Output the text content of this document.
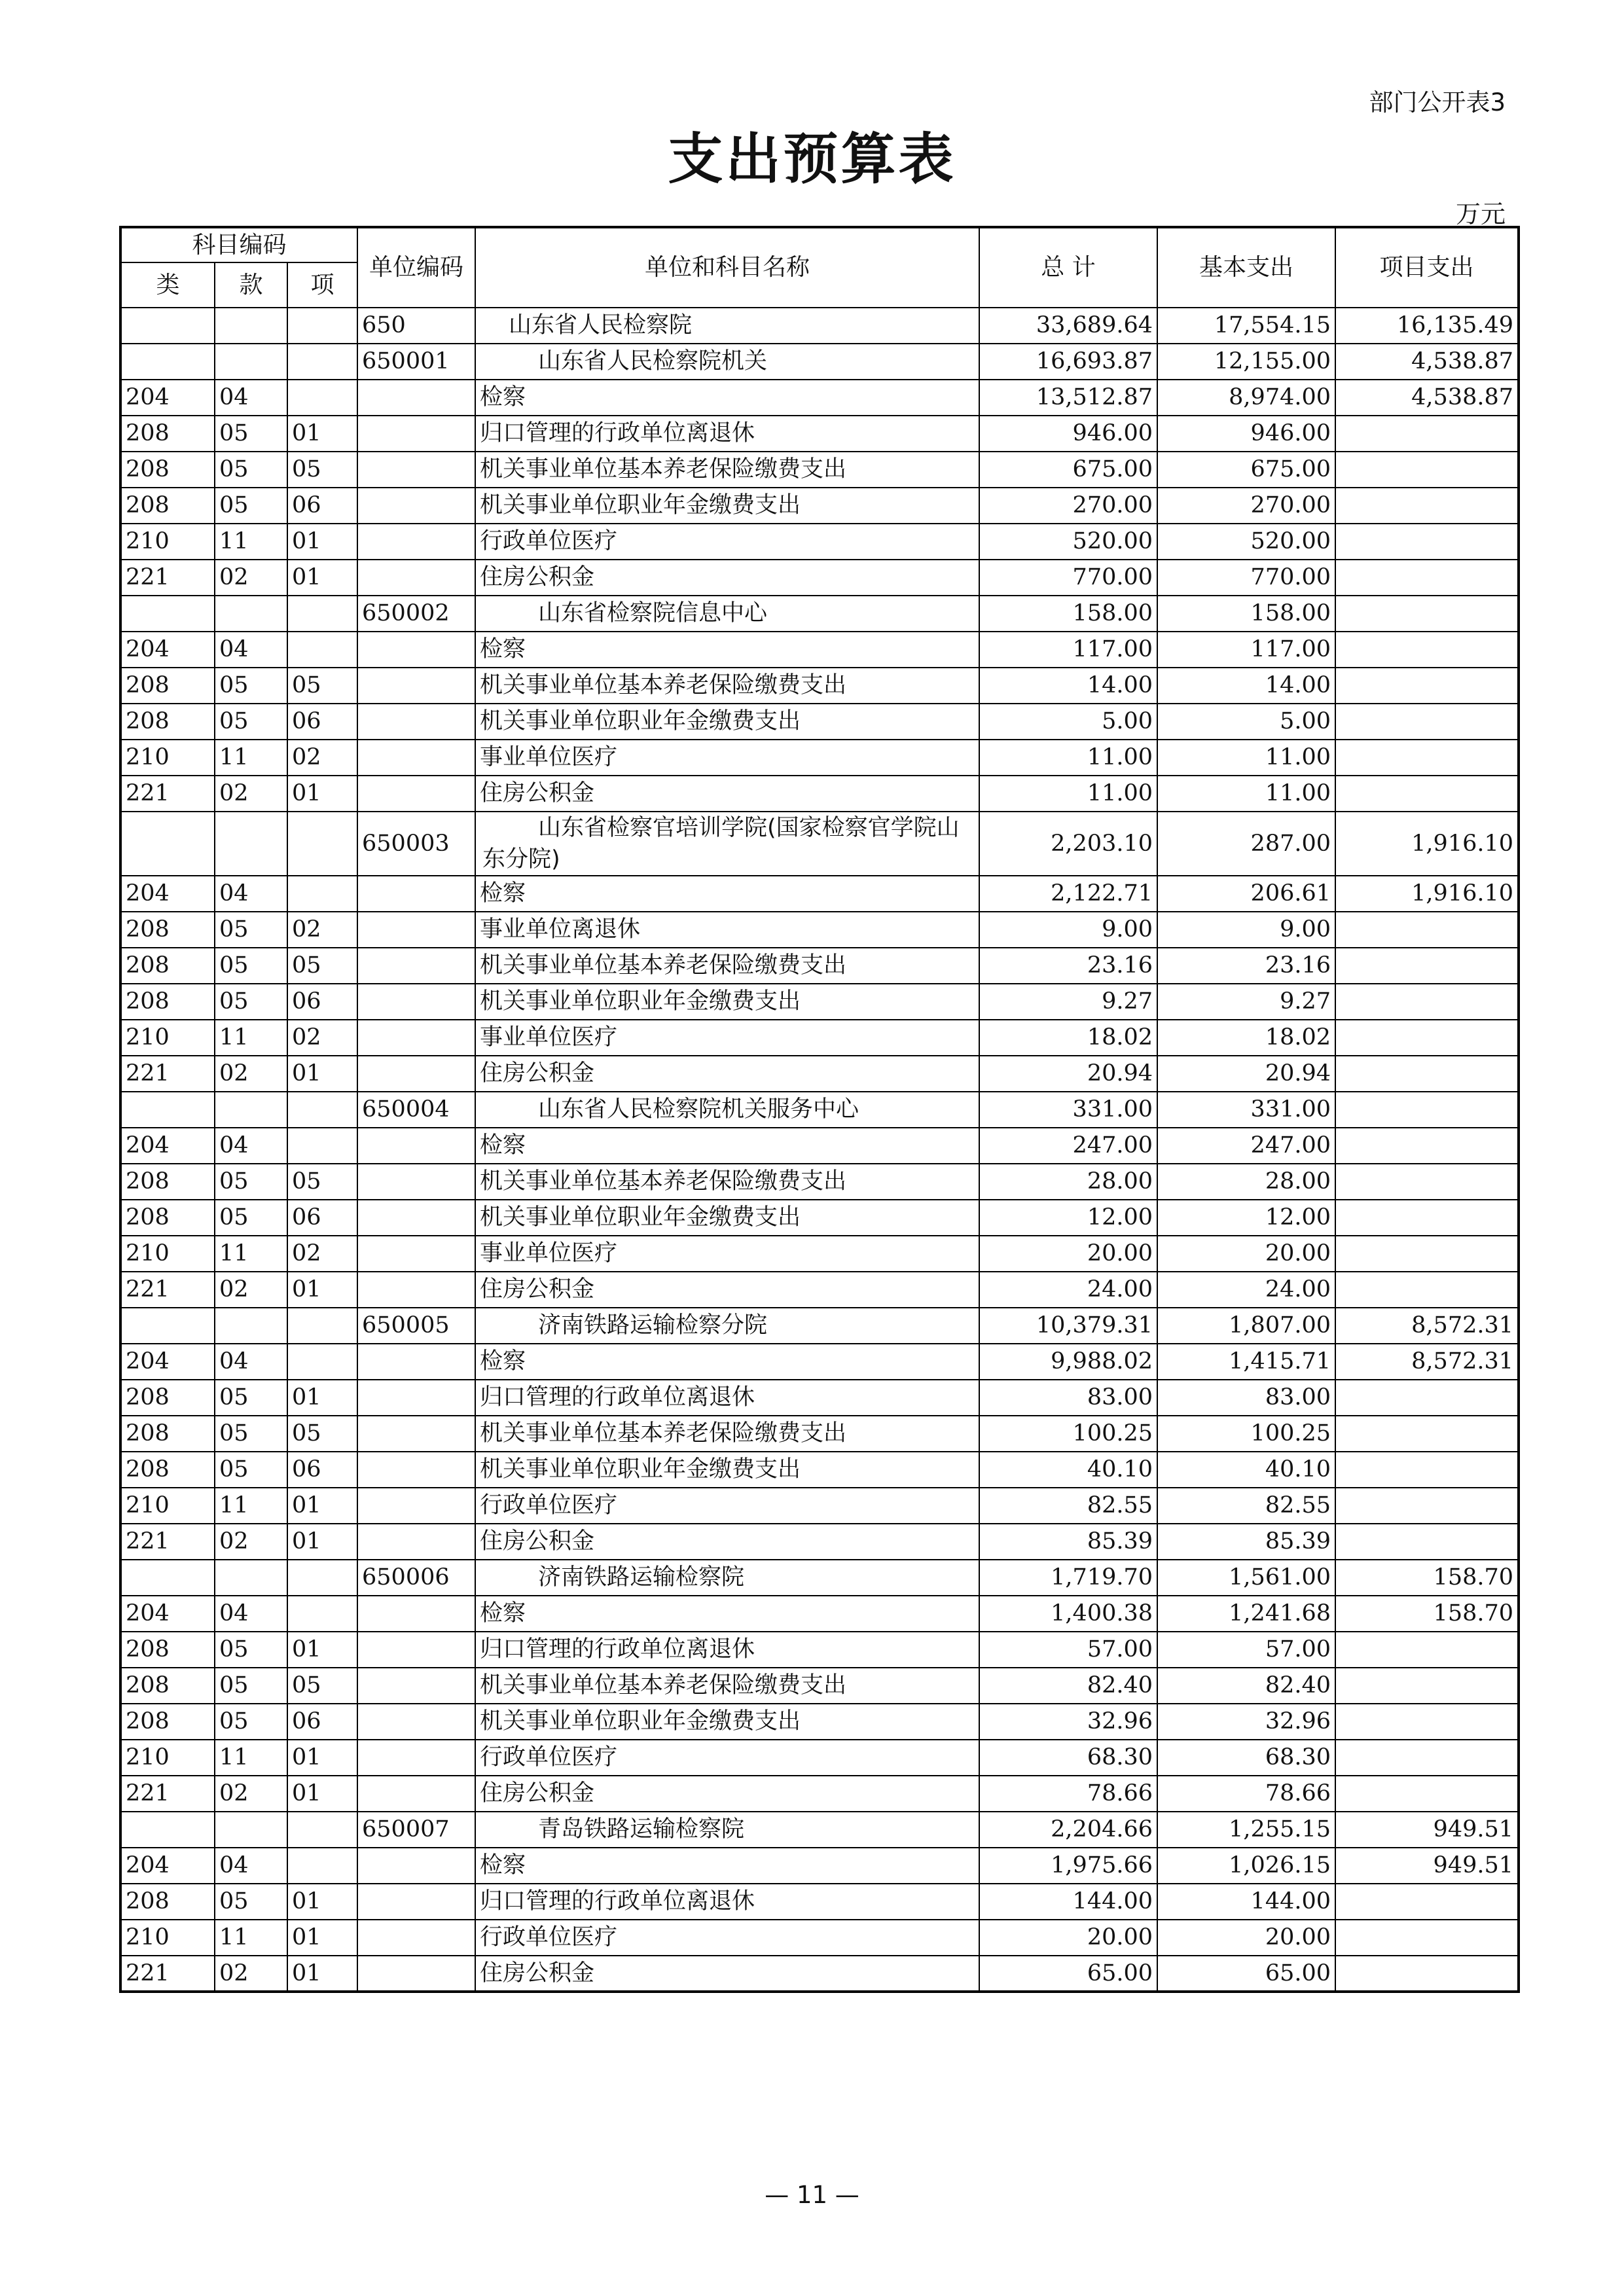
部门公开表3
支出预算表
万元
科目编码			单位编码	单位和科目名称	总 计	基本支出	项目支出
类	款	项					
			650	山东省人民检察院	33,689.64	17,554.15	16,135.49
			650001	山东省人民检察院机关	16,693.87	12,155.00	4,538.87
204	04			检察	13,512.87	8,974.00	4,538.87
208	05	01		归口管理的行政单位离退休	946.00	946.00	
208	05	05		机关事业单位基本养老保险缴费支出	675.00	675.00	
208	05	06		机关事业单位职业年金缴费支出	270.00	270.00	
210	11	01		行政单位医疗	520.00	520.00	
221	02	01		住房公积金	770.00	770.00	
			650002	山东省检察院信息中心	158.00	158.00	
204	04			检察	117.00	117.00	
208	05	05		机关事业单位基本养老保险缴费支出	14.00	14.00	
208	05	06		机关事业单位职业年金缴费支出	5.00	5.00	
210	11	02		事业单位医疗	11.00	11.00	
221	02	01		住房公积金	11.00	11.00	
			650003	山东省检察官培训学院(国家检察官学院山东分院)	2,203.10	287.00	1,916.10
204	04			检察	2,122.71	206.61	1,916.10
208	05	02		事业单位离退休	9.00	9.00	
208	05	05		机关事业单位基本养老保险缴费支出	23.16	23.16	
208	05	06		机关事业单位职业年金缴费支出	9.27	9.27	
210	11	02		事业单位医疗	18.02	18.02	
221	02	01		住房公积金	20.94	20.94	
			650004	山东省人民检察院机关服务中心	331.00	331.00	
204	04			检察	247.00	247.00	
208	05	05		机关事业单位基本养老保险缴费支出	28.00	28.00	
208	05	06		机关事业单位职业年金缴费支出	12.00	12.00	
210	11	02		事业单位医疗	20.00	20.00	
221	02	01		住房公积金	24.00	24.00	
			650005	济南铁路运输检察分院	10,379.31	1,807.00	8,572.31
204	04			检察	9,988.02	1,415.71	8,572.31
208	05	01		归口管理的行政单位离退休	83.00	83.00	
208	05	05		机关事业单位基本养老保险缴费支出	100.25	100.25	
208	05	06		机关事业单位职业年金缴费支出	40.10	40.10	
210	11	01		行政单位医疗	82.55	82.55	
221	02	01		住房公积金	85.39	85.39	
			650006	济南铁路运输检察院	1,719.70	1,561.00	158.70
204	04			检察	1,400.38	1,241.68	158.70
208	05	01		归口管理的行政单位离退休	57.00	57.00	
208	05	05		机关事业单位基本养老保险缴费支出	82.40	82.40	
208	05	06		机关事业单位职业年金缴费支出	32.96	32.96	
210	11	01		行政单位医疗	68.30	68.30	
221	02	01		住房公积金	78.66	78.66	
			650007	青岛铁路运输检察院	2,204.66	1,255.15	949.51
204	04			检察	1,975.66	1,026.15	949.51
208	05	01		归口管理的行政单位离退休	144.00	144.00	
210	11	01		行政单位医疗	20.00	20.00	
221	02	01		住房公积金	65.00	65.00	
— 11 —
